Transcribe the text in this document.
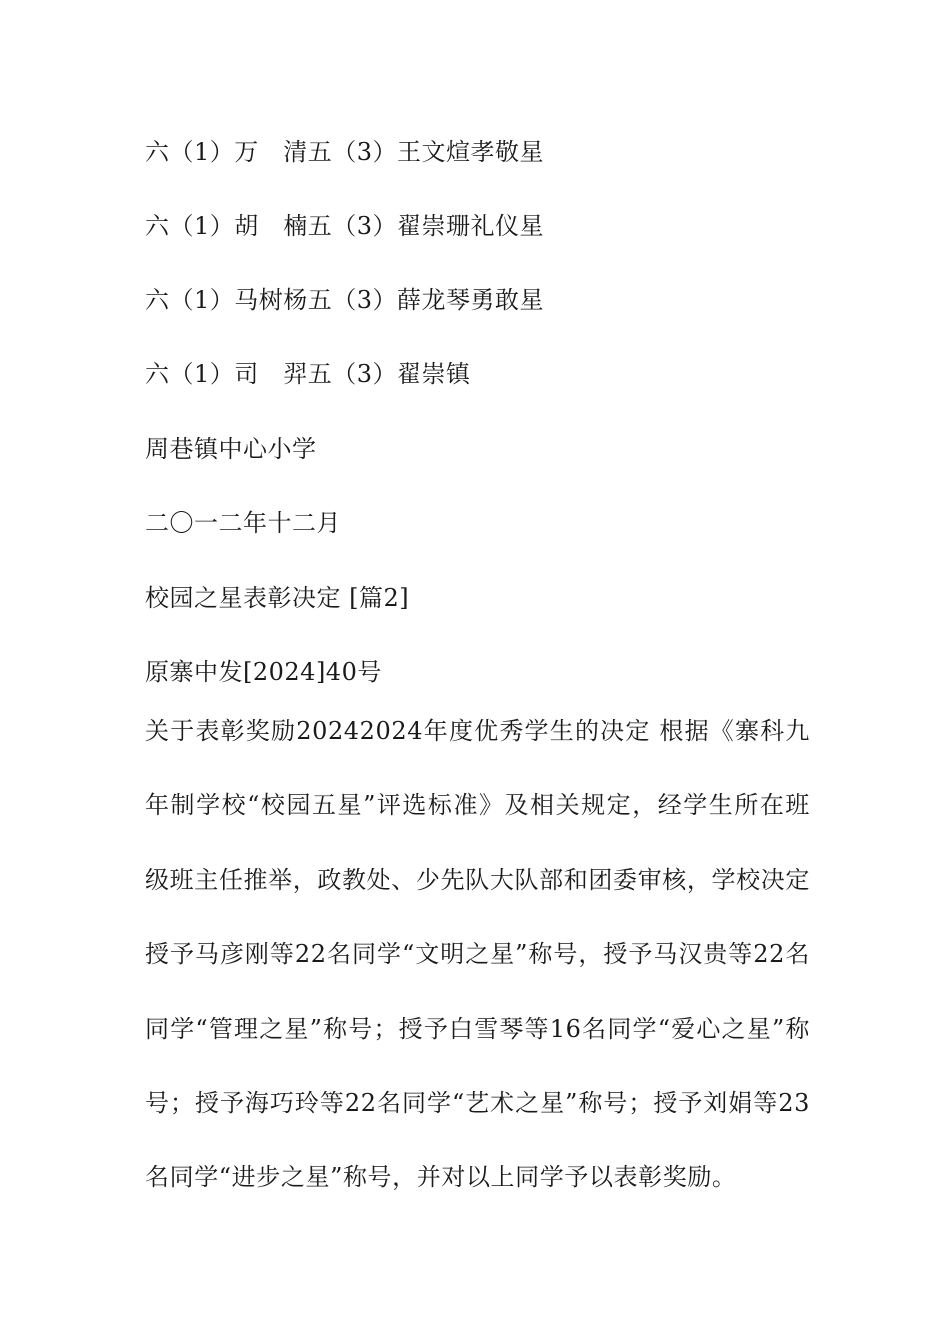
六（1）万　清五（3）王文煊孝敬星
六（1）胡　楠五（3）翟崇珊礼仪星
六（1）马树杨五（3）薛龙琴勇敢星
六（1）司　羿五（3）翟崇镇
周巷镇中心小学
二〇一二年十二月
校园之星表彰决定 [篇2]
原寨中发[2024]40号

关于表彰奖励20242024年度优秀学生的决定 根据《寨科九年制学校“校园五星”评选标准》及相关规定，经学生所在班级班主任推举，政教处、少先队大队部和团委审核，学校决定授予马彦刚等22名同学“文明之星”称号，授予马汉贵等22名同学“管理之星”称号；授予白雪琴等16名同学“爱心之星”称号；授予海巧玲等22名同学“艺术之星”称号；授予刘娟等23名同学“进步之星”称号，并对以上同学予以表彰奖励。
